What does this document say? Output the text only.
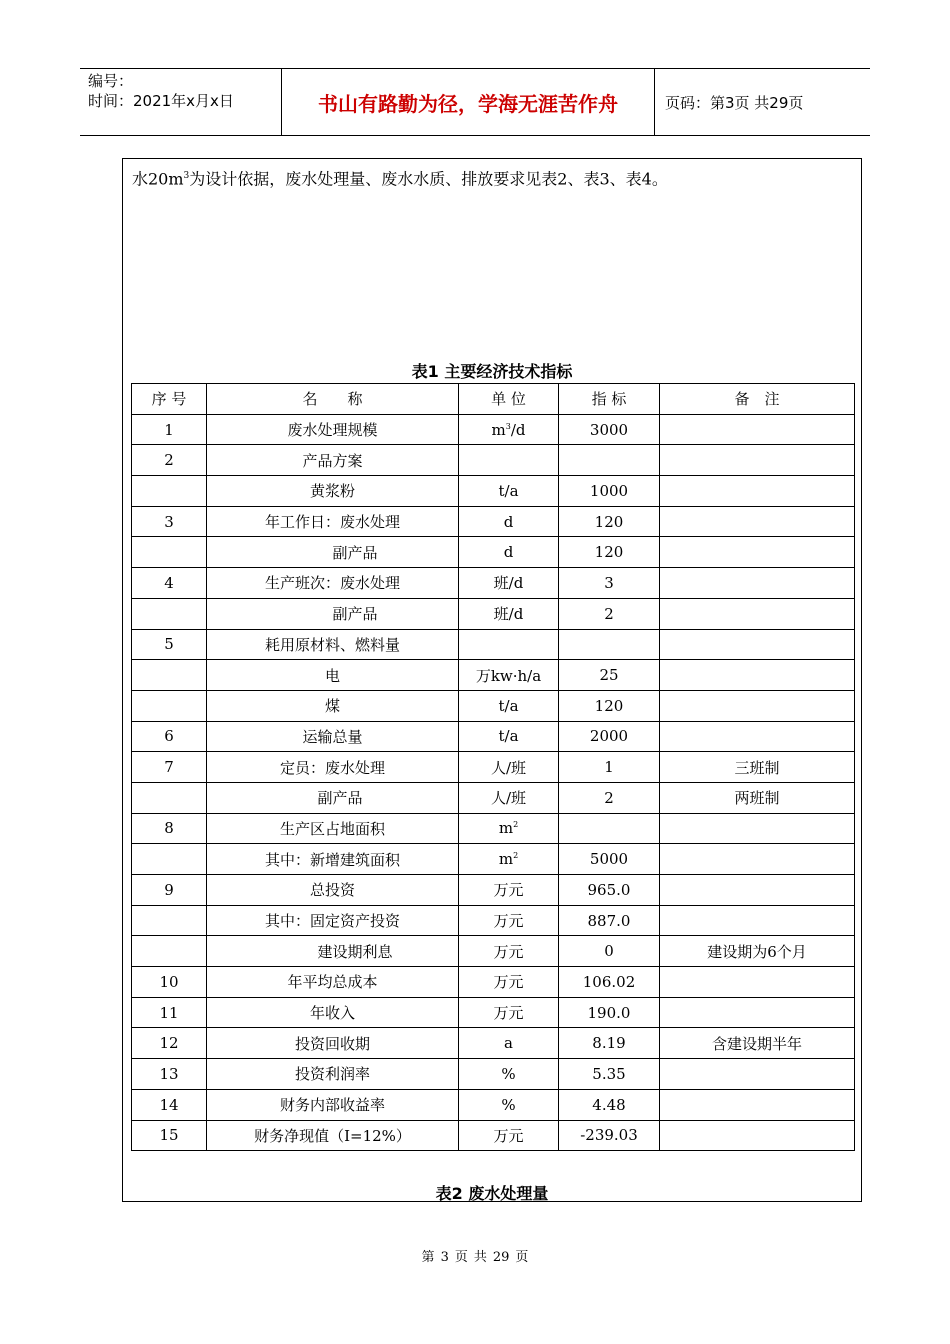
编号：
时间：2021年x月x日	书山有路勤为径，学海无涯苦作舟	页码：第3页 共29页
水$20m^3$为设计依据，废水处理量、废水水质、排放要求见表2、表3、表4。
表1 主要经济技术指标
序 号	名　　称	单 位	指 标	备　注
1	废水处理规模	$m^3/d$	3000	
2	产品方案			
	黄浆粉	t/a	1000	
3	年工作日：废水处理	d	120	
	　　　副产品	d	120	
4	生产班次：废水处理	班/d	3	
	　　　副产品	班/d	2	
5	耗用原材料、燃料量			
	电	万kw·h/a	25	
	煤	t/a	120	
6	运输总量	t/a	2000	
7	定员：废水处理	人/班	1	三班制
	　副产品	人/班	2	两班制
8	生产区占地面积	$m^2$		
	其中：新增建筑面积	$m^2$	5000	
9	总投资	万元	965.0	
	其中：固定资产投资	万元	887.0	
	　　　建设期利息	万元	0	建设期为6个月
10	年平均总成本	万元	106.02	
11	年收入	万元	190.0	
12	投资回收期	a	8.19	含建设期半年
13	投资利润率	%	5.35	
14	财务内部收益率	%	4.48	
15	财务净现值（I=12%）	万元	-239.03	
表2 废水处理量
第 3 页 共 29 页
